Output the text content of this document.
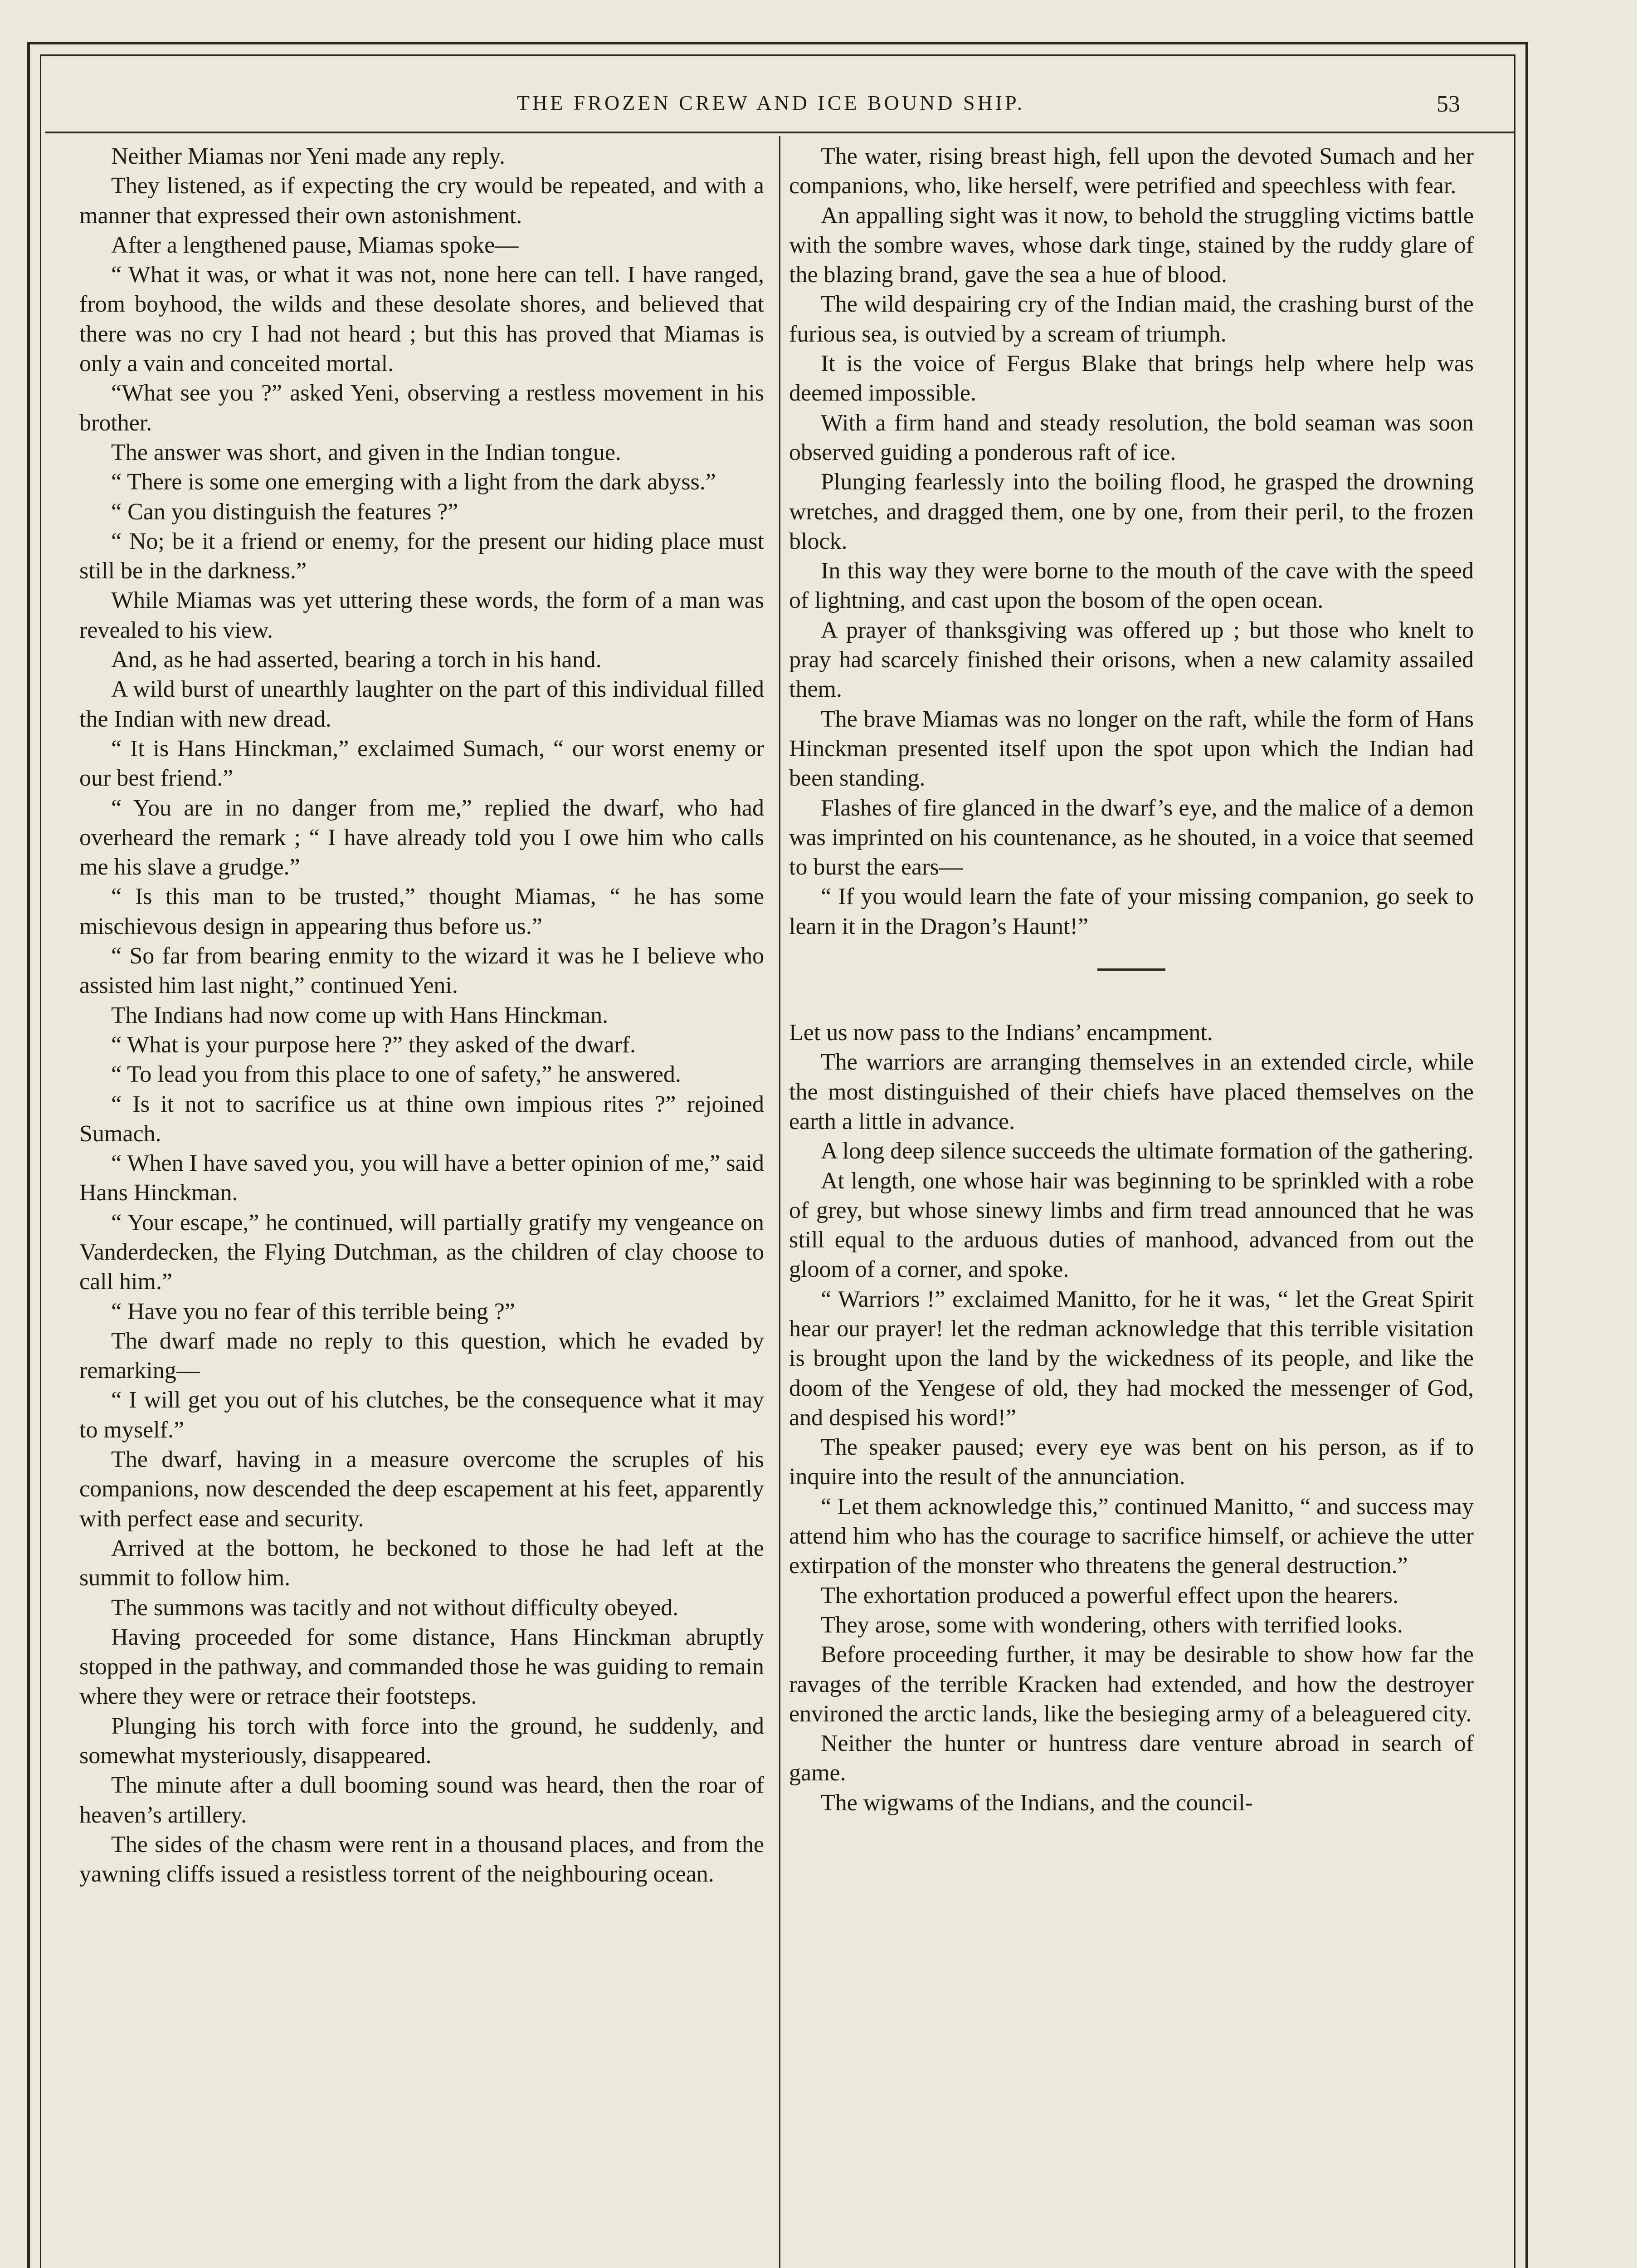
THE FROZEN CREW AND ICE BOUND SHIP.	53

Neither Miamas nor Yeni made any reply.

They listened, as if expecting the cry would be repeated, and with a manner that expressed their own astonishment.

After a lengthened pause, Miamas spoke—

“ What it was, or what it was not, none here can tell. I have ranged, from boyhood, the wilds and these desolate shores, and believed that there was no cry I had not heard ; but this has proved that Miamas is only a vain and conceited mortal.

“What see you ?” asked Yeni, observing a restless movement in his brother.

The answer was short, and given in the Indian tongue.

“ There is some one emerging with a light from the dark abyss.”

“ Can you distinguish the features ?”

“ No; be it a friend or enemy, for the present our hiding place must still be in the darkness.”

While Miamas was yet uttering these words, the form of a man was revealed to his view.

And, as he had asserted, bearing a torch in his hand.

A wild burst of unearthly laughter on the part of this individual filled the Indian with new dread.

“ It is Hans Hinckman,” exclaimed Sumach, “ our worst enemy or our best friend.”

“ You are in no danger from me,” replied the dwarf, who had overheard the remark ; “ I have already told you I owe him who calls me his slave a grudge.”

“ Is this man to be trusted,” thought Miamas, “ he has some mischievous design in appearing thus before us.”

“ So far from bearing enmity to the wizard it was he I believe who assisted him last night,” continued Yeni.

The Indians had now come up with Hans Hinckman.

“ What is your purpose here ?” they asked of the dwarf.

“ To lead you from this place to one of safety,” he answered.

“ Is it not to sacrifice us at thine own impious rites ?” rejoined Sumach.

“ When I have saved you, you will have a better opinion of me,” said Hans Hinckman.

“ Your escape,” he continued, will partially gratify my vengeance on Vanderdecken, the Flying Dutchman, as the children of clay choose to call him.”

“ Have you no fear of this terrible being ?”

The dwarf made no reply to this question, which he evaded by remarking—

“ I will get you out of his clutches, be the consequence what it may to myself.”

The dwarf, having in a measure overcome the scruples of his companions, now descended the deep escapement at his feet, apparently with perfect ease and security.

Arrived at the bottom, he beckoned to those he had left at the summit to follow him.

The summons was tacitly and not without difficulty obeyed.

Having proceeded for some distance, Hans Hinckman abruptly stopped in the pathway, and commanded those he was guiding to remain where they were or retrace their footsteps.

Plunging his torch with force into the ground, he suddenly, and somewhat mysteriously, disappeared.

The minute after a dull booming sound was heard, then the roar of heaven’s artillery.

The sides of the chasm were rent in a thousand places, and from the yawning cliffs issued a resistless torrent of the neighbouring ocean.

The water, rising breast high, fell upon the devoted Sumach and her companions, who, like herself, were petrified and speechless with fear.

An appalling sight was it now, to behold the struggling victims battle with the sombre waves, whose dark tinge, stained by the ruddy glare of the blazing brand, gave the sea a hue of blood.

The wild despairing cry of the Indian maid, the crashing burst of the furious sea, is outvied by a scream of triumph.

It is the voice of Fergus Blake that brings help where help was deemed impossible.

With a firm hand and steady resolution, the bold seaman was soon observed guiding a ponderous raft of ice.

Plunging fearlessly into the boiling flood, he grasped the drowning wretches, and dragged them, one by one, from their peril, to the frozen block.

In this way they were borne to the mouth of the cave with the speed of lightning, and cast upon the bosom of the open ocean.

A prayer of thanksgiving was offered up ; but those who knelt to pray had scarcely finished their orisons, when a new calamity assailed them.

The brave Miamas was no longer on the raft, while the form of Hans Hinckman presented itself upon the spot upon which the Indian had been standing.

Flashes of fire glanced in the dwarf’s eye, and the malice of a demon was imprinted on his countenance, as he shouted, in a voice that seemed to burst the ears—

“ If you would learn the fate of your missing companion, go seek to learn it in the Dragon’s Haunt!”

Let us now pass to the Indians’ encampment.

The warriors are arranging themselves in an extended circle, while the most distinguished of their chiefs have placed themselves on the earth a little in advance.

A long deep silence succeeds the ultimate formation of the gathering.

At length, one whose hair was beginning to be sprinkled with a robe of grey, but whose sinewy limbs and firm tread announced that he was still equal to the arduous duties of manhood, advanced from out the gloom of a corner, and spoke.

“ Warriors !” exclaimed Manitto, for he it was, “ let the Great Spirit hear our prayer! let the redman acknowledge that this terrible visitation is brought upon the land by the wickedness of its people, and like the doom of the Yengese of old, they had mocked the messenger of God, and despised his word!”

The speaker paused; every eye was bent on his person, as if to inquire into the result of the annunciation.

“ Let them acknowledge this,” continued Manitto, “ and success may attend him who has the courage to sacrifice himself, or achieve the utter extirpation of the monster who threatens the general destruction.”

The exhortation produced a powerful effect upon the hearers.

They arose, some with wondering, others with terrified looks.

Before proceeding further, it may be desirable to show how far the ravages of the terrible Kracken had extended, and how the destroyer environed the arctic lands, like the besieging army of a beleaguered city.

Neither the hunter or huntress dare venture abroad in search of game.

The wigwams of the Indians, and the council-
